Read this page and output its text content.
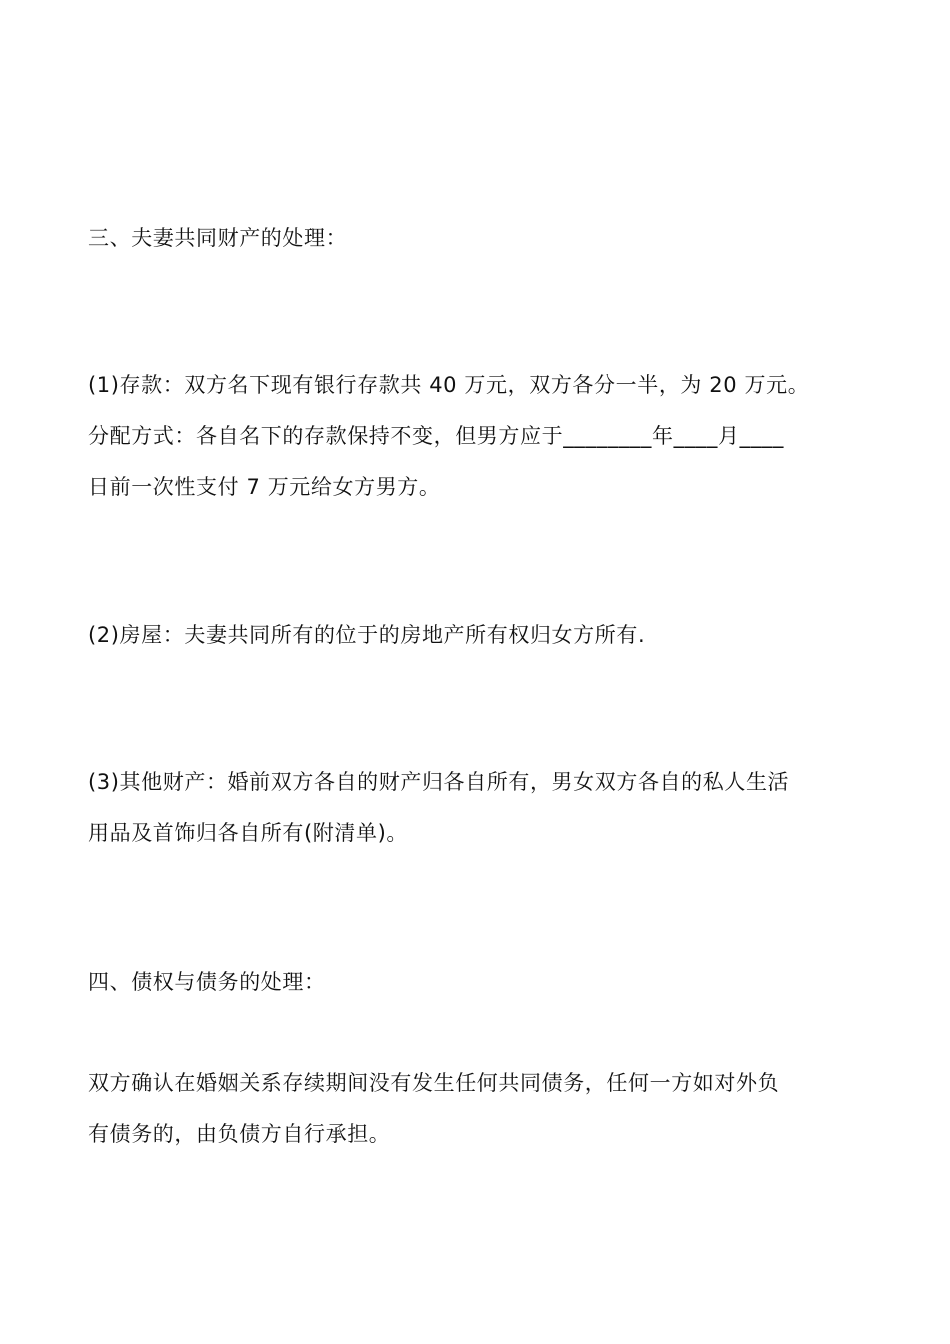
三、夫妻共同财产的处理：
(1)存款：双方名下现有银行存款共 40 万元，双方各分一半，为 20 万元。
分配方式：各自名下的存款保持不变，但男方应于________年____月____
日前一次性支付 7 万元给女方男方。
(2)房屋：夫妻共同所有的位于的房地产所有权归女方所有.
(3)其他财产：婚前双方各自的财产归各自所有，男女双方各自的私人生活
用品及首饰归各自所有(附清单)。
四、债权与债务的处理：
双方确认在婚姻关系存续期间没有发生任何共同债务，任何一方如对外负
有债务的，由负债方自行承担。
